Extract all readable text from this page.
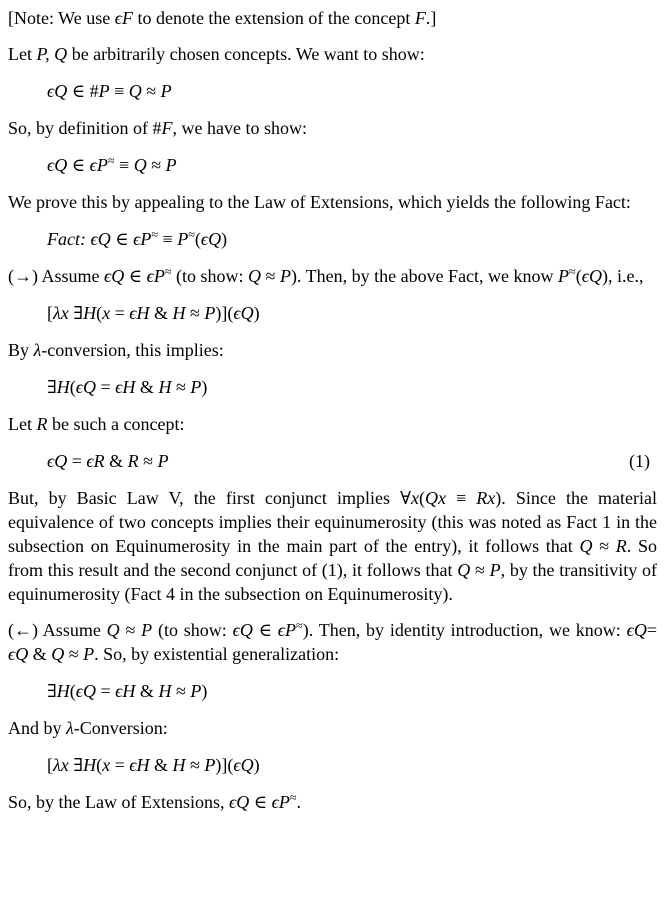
[Note: We use ϵF to denote the extension of the concept F.]
Let P, Q be arbitrarily chosen concepts. We want to show:
ϵQ ∈ #P ≡ Q ≈ P
So, by definition of #F, we have to show:
ϵQ ∈ ϵP≈ ≡ Q ≈ P
We prove this by appealing to the Law of Extensions, which yields the following Fact:
Fact: ϵQ ∈ ϵP≈ ≡ P≈(ϵQ)
(→) Assume ϵQ ∈ ϵP≈ (to show: Q ≈ P). Then, by the above Fact, we know P≈(ϵQ), i.e.,
[λx ∃H(x = ϵH & H ≈ P)](ϵQ)
By λ-conversion, this implies:
∃H(ϵQ = ϵH & H ≈ P)
Let R be such a concept:
ϵQ = ϵR & R ≈ P	(1)
But, by Basic Law V, the first conjunct implies ∀x(Qx ≡ Rx). Since the material equivalence of two concepts implies their equinumerosity (this was noted as Fact 1 in the subsection on Equinumerosity in the main part of the entry), it follows that Q ≈ R. So from this result and the second conjunct of (1), it follows that Q ≈ P, by the transitivity of equinumerosity (Fact 4 in the subsection on Equinumerosity).
(←) Assume Q ≈ P (to show: ϵQ ∈ ϵP≈). Then, by identity introduction, we know: ϵQ= ϵQ & Q ≈ P. So, by existential generalization:
∃H(ϵQ = ϵH & H ≈ P)
And by λ-Conversion:
[λx ∃H(x = ϵH & H ≈ P)](ϵQ)
So, by the Law of Extensions, ϵQ ∈ ϵP≈.
